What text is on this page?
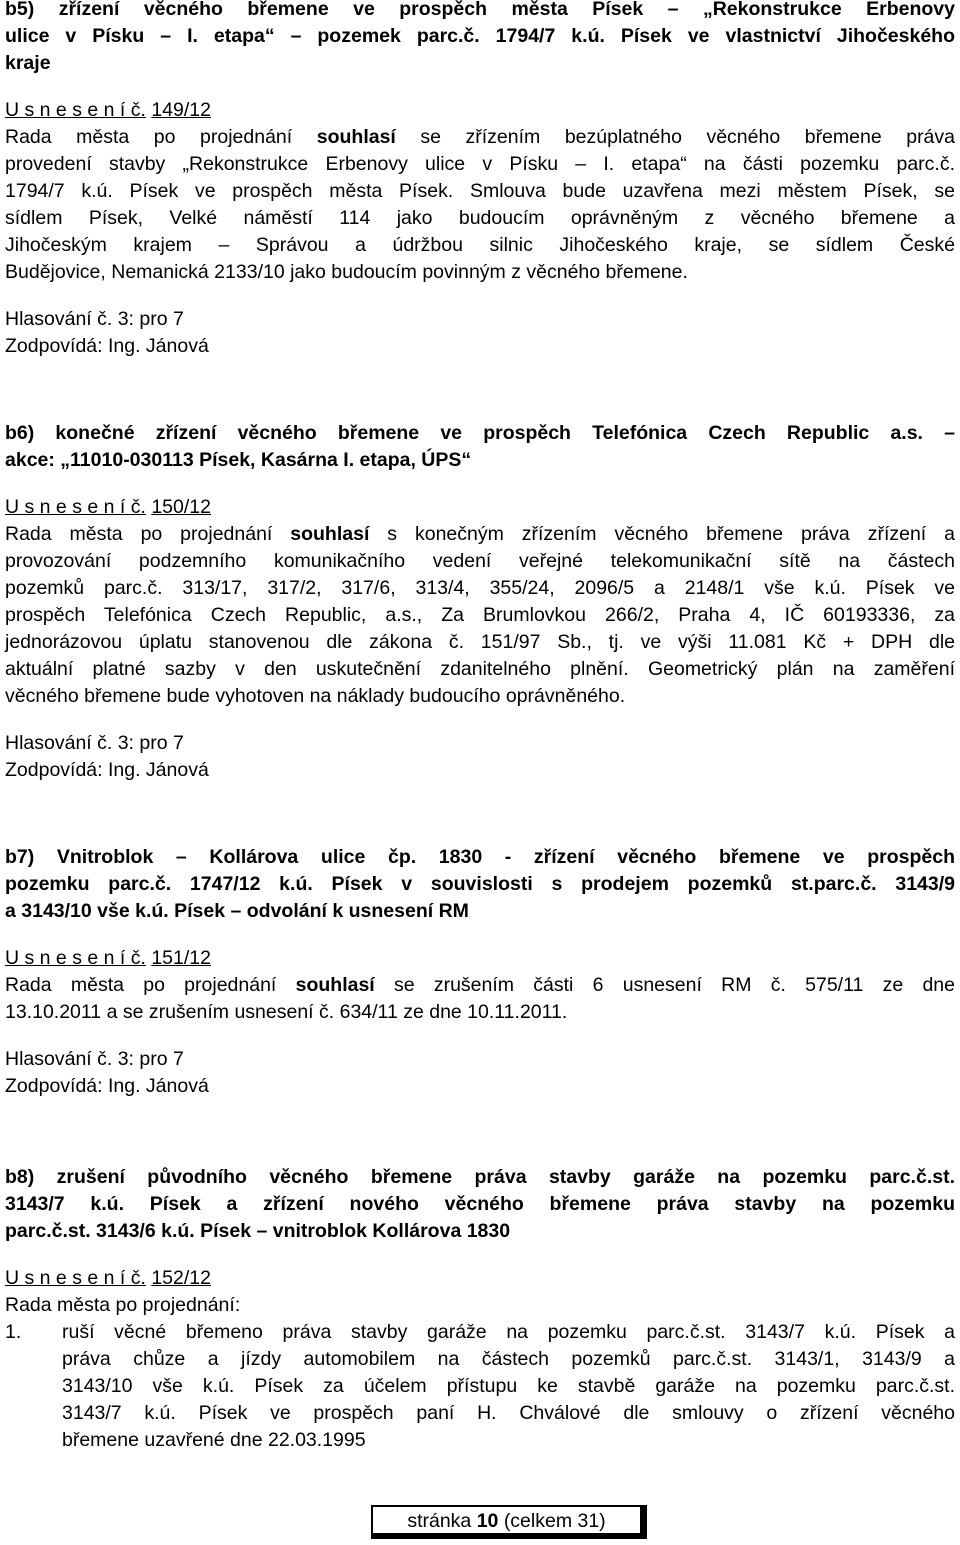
b5) zřízení věcného břemene ve prospěch města Písek – „Rekonstrukce Erbenovy

ulice v Písku – I. etapa“ – pozemek parc.č. 1794/7 k.ú. Písek ve vlastnictví Jihočeského

kraje

U s n e s e n í č. 149/12

Rada města po projednání souhlasí se zřízením bezúplatného věcného břemene práva

provedení stavby „Rekonstrukce Erbenovy ulice v Písku – I. etapa“ na části pozemku parc.č.

1794/7 k.ú. Písek ve prospěch města Písek. Smlouva bude uzavřena mezi městem Písek, se

sídlem Písek, Velké náměstí 114 jako budoucím oprávněným z věcného břemene a

Jihočeským krajem – Správou a údržbou silnic Jihočeského kraje, se sídlem České

Budějovice, Nemanická 2133/10 jako budoucím povinným z věcného břemene.

Hlasování č. 3: pro 7

Zodpovídá: Ing. Jánová

b6) konečné zřízení věcného břemene ve prospěch Telefónica Czech Republic a.s. –

akce: „11010-030113 Písek, Kasárna I. etapa, ÚPS“

U s n e s e n í č. 150/12

Rada města po projednání souhlasí s konečným zřízením věcného břemene práva zřízení a

provozování podzemního komunikačního vedení veřejné telekomunikační sítě na částech

pozemků parc.č. 313/17, 317/2, 317/6, 313/4, 355/24, 2096/5 a 2148/1 vše k.ú. Písek ve

prospěch Telefónica Czech Republic, a.s., Za Brumlovkou 266/2, Praha 4, IČ 60193336, za

jednorázovou úplatu stanovenou dle zákona č. 151/97 Sb., tj. ve výši 11.081 Kč + DPH dle

aktuální platné sazby v den uskutečnění zdanitelného plnění. Geometrický plán na zaměření

věcného břemene bude vyhotoven na náklady budoucího oprávněného.

Hlasování č. 3: pro 7

Zodpovídá: Ing. Jánová

b7) Vnitroblok – Kollárova ulice čp. 1830 - zřízení věcného břemene ve prospěch

pozemku parc.č. 1747/12 k.ú. Písek v souvislosti s prodejem pozemků st.parc.č. 3143/9

a 3143/10 vše k.ú. Písek – odvolání k usnesení RM

U s n e s e n í č. 151/12

Rada města po projednání souhlasí se zrušením části 6 usnesení RM č. 575/11 ze dne

13.10.2011 a se zrušením usnesení č. 634/11 ze dne 10.11.2011.

Hlasování č. 3: pro 7

Zodpovídá: Ing. Jánová

b8) zrušení původního věcného břemene práva stavby garáže na pozemku parc.č.st.

3143/7 k.ú. Písek a zřízení nového věcného břemene práva stavby na pozemku

parc.č.st. 3143/6 k.ú. Písek – vnitroblok Kollárova 1830

U s n e s e n í č. 152/12

Rada města po projednání:

1. ruší věcné břemeno práva stavby garáže na pozemku parc.č.st. 3143/7 k.ú. Písek a

práva chůze a jízdy automobilem na částech pozemků parc.č.st. 3143/1, 3143/9 a

3143/10 vše k.ú. Písek za účelem přístupu ke stavbě garáže na pozemku parc.č.st.

3143/7 k.ú. Písek ve prospěch paní H. Chválové dle smlouvy o zřízení věcného

břemene uzavřené dne 22.03.1995

stránka 10 (celkem 31)
